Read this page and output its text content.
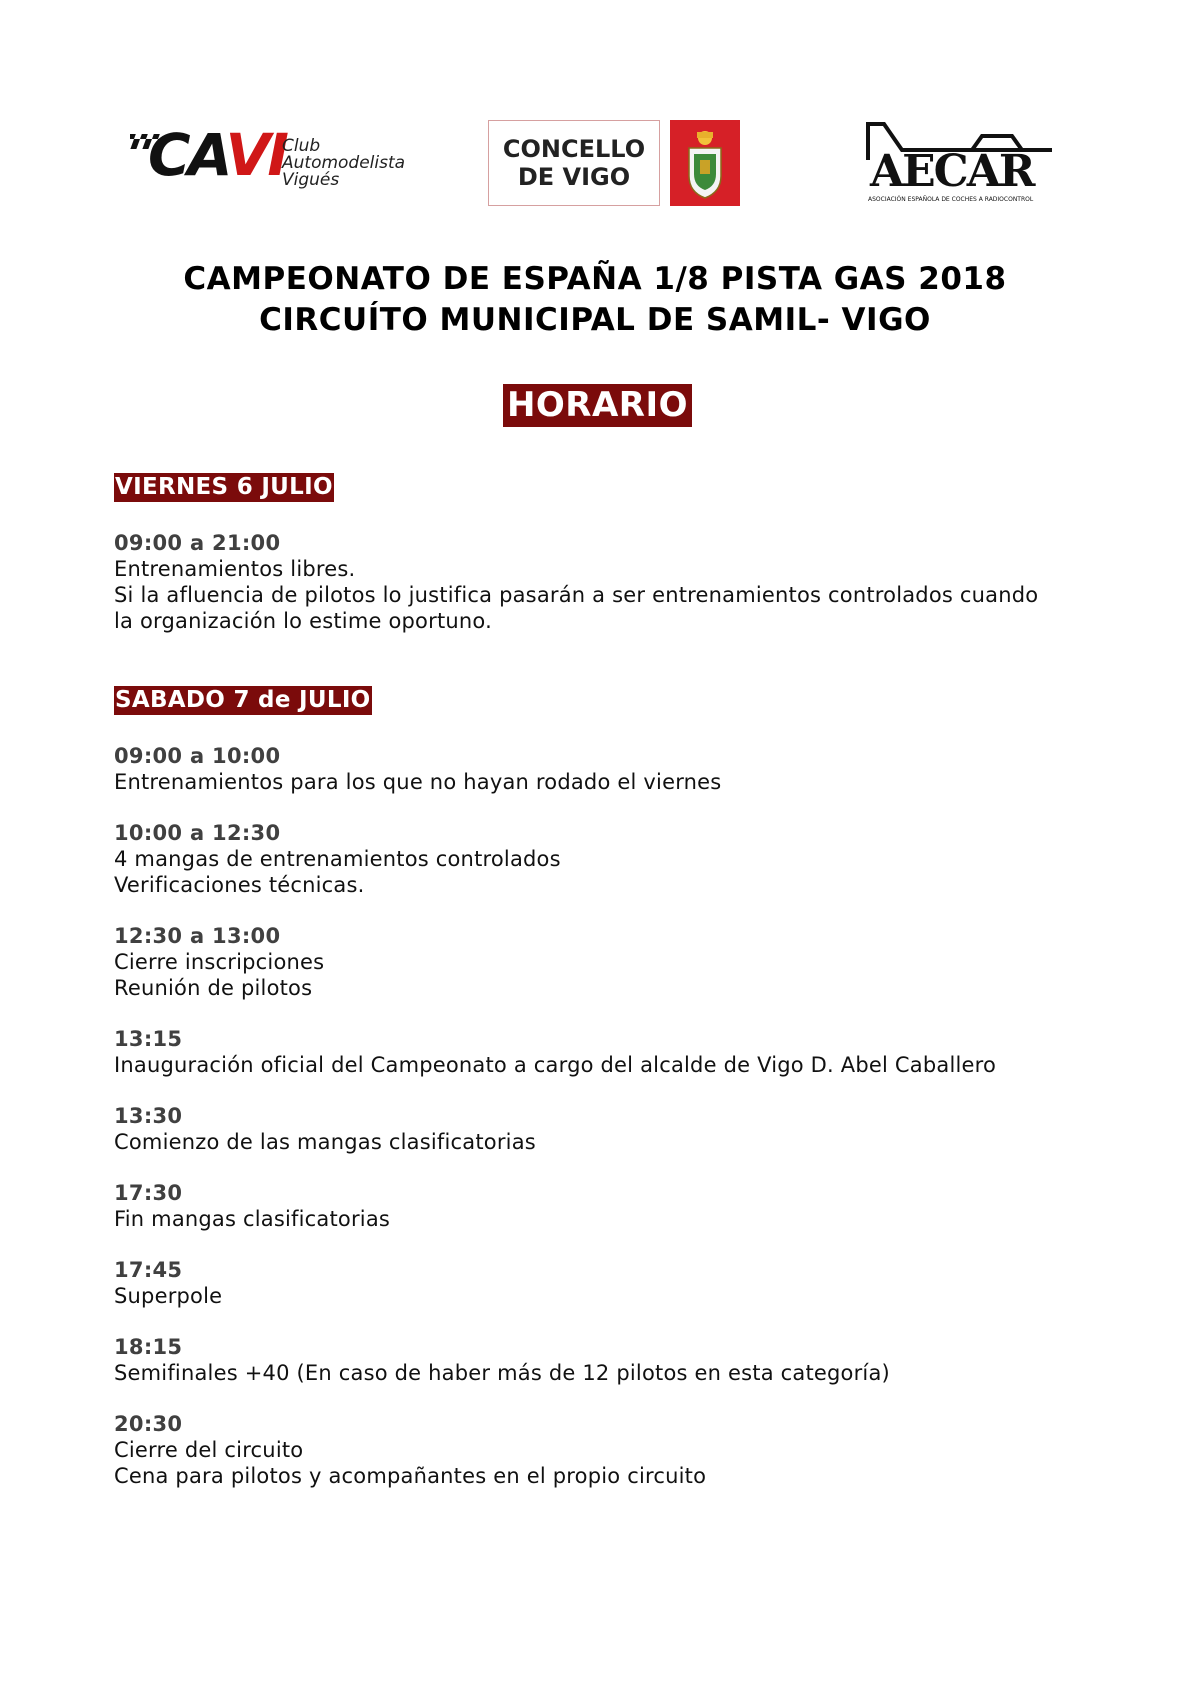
CAVI
Club
Automodelista
Vigués
CONCELLO
DE VIGO	AECAR
ASOCIACIÓN ESPAÑOLA DE COCHES A RADIOCONTROL
CAMPEONATO DE ESPAÑA 1/8 PISTA GAS 2018
CIRCUÍTO MUNICIPAL DE SAMIL- VIGO
HORARIO
VIERNES 6 JULIO
09:00 a 21:00
Entrenamientos libres.
Si la afluencia de pilotos lo justifica pasarán a ser entrenamientos controlados cuando
la organización lo estime oportuno.
SABADO 7 de JULIO
09:00 a 10:00
Entrenamientos para los que no hayan rodado el viernes
10:00 a 12:30
4 mangas de entrenamientos controlados
Verificaciones técnicas.
12:30 a 13:00
Cierre inscripciones
Reunión de pilotos
13:15
Inauguración oficial del Campeonato a cargo del alcalde de Vigo D. Abel Caballero
13:30
Comienzo de las mangas clasificatorias
17:30
Fin mangas clasificatorias
17:45
Superpole
18:15
Semifinales +40 (En caso de haber más de 12 pilotos en esta categoría)
20:30
Cierre del circuito
Cena para pilotos y acompañantes en el propio circuito
